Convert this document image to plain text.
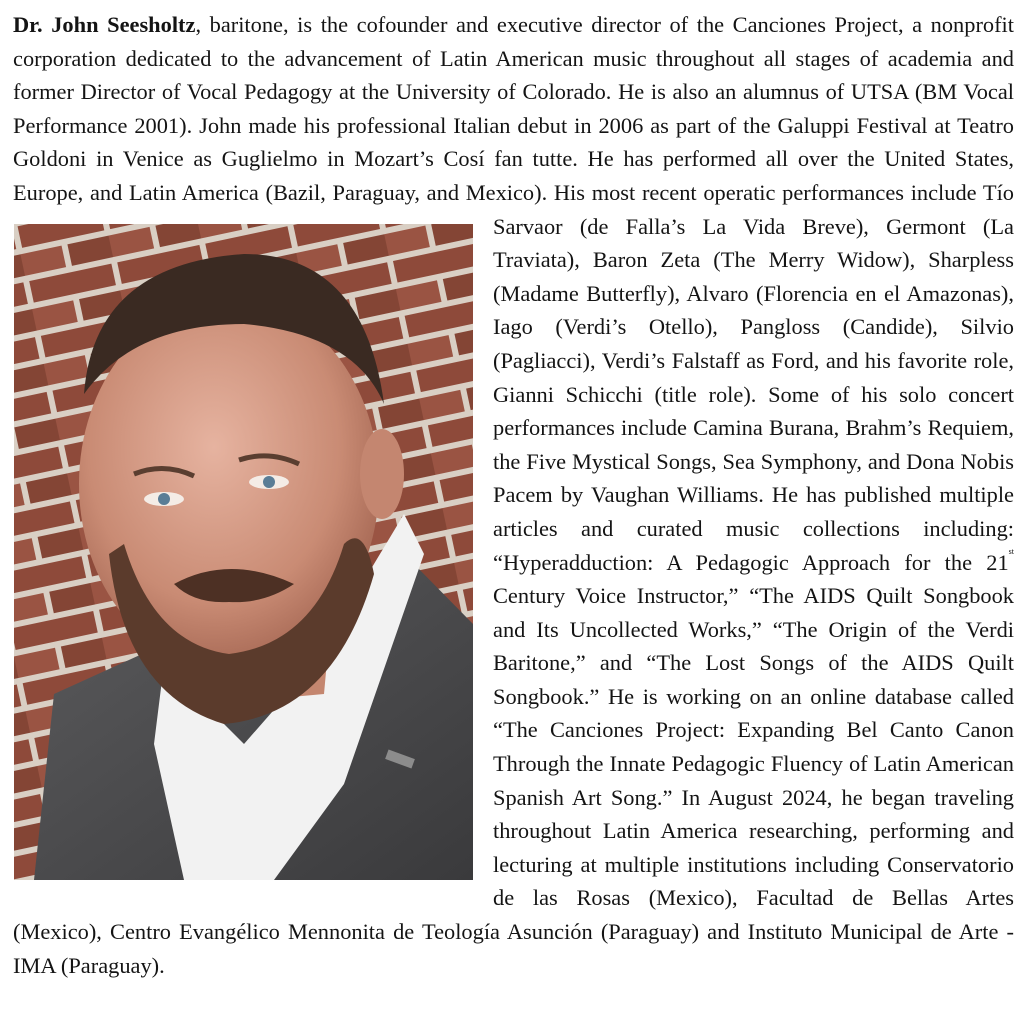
Dr. John Seesholtz, baritone, is the cofounder and executive director of the Canciones Project, a nonprofit corporation dedicated to the advancement of Latin American music throughout all stages of academia and former Director of Vocal Pedagogy at the University of Colorado. He is also an alumnus of UTSA (BM Vocal Performance 2001). John made his professional Italian debut in 2006 as part of the Galuppi Festival at Teatro Goldoni in Venice as Guglielmo in Mozart’s Cosí fan tutte. He has performed all over the United States, Europe, and Latin America (Bazil, Paraguay, and Mexico). His most recent operatic performances include Tío Sarvaor (de Falla’s La Vida Breve), Germont (La
Traviata), Baron Zeta (The Merry Widow), Sharpless (Madame Butterfly), Alvaro (Florencia en el Amazonas), Iago (Verdi’s Otello), Pangloss (Candide), Silvio (Pagliacci), Verdi’s Falstaff as Ford, and his favorite role, Gianni Schicchi (title role). Some of his solo concert performances include Camina Burana, Brahm’s Requiem, the Five Mystical Songs, Sea Symphony, and Dona Nobis Pacem by Vaughan Williams. He has published multiple articles and curated music collections including: “Hyperadduction: A Pedagogic Approach for the 21st Century Voice Instructor,” “The AIDS Quilt Songbook and Its Uncollected Works,” “The Origin of the Verdi Baritone,” and “The Lost Songs of the AIDS Quilt Songbook.” He is working on an online database called “The Canciones Project: Expanding Bel Canto Canon Through the Innate Pedagogic Fluency of Latin American Spanish Art Song.” In August 2024, he began traveling throughout Latin America researching, performing and lecturing at multiple institutions including Conservatorio de las Rosas (Mexico), Facultad de Bellas Artes (Mexico), Centro Evangélico Mennonita de Teología Asunción (Paraguay) and Instituto Municipal de Arte -IMA (Paraguay).
